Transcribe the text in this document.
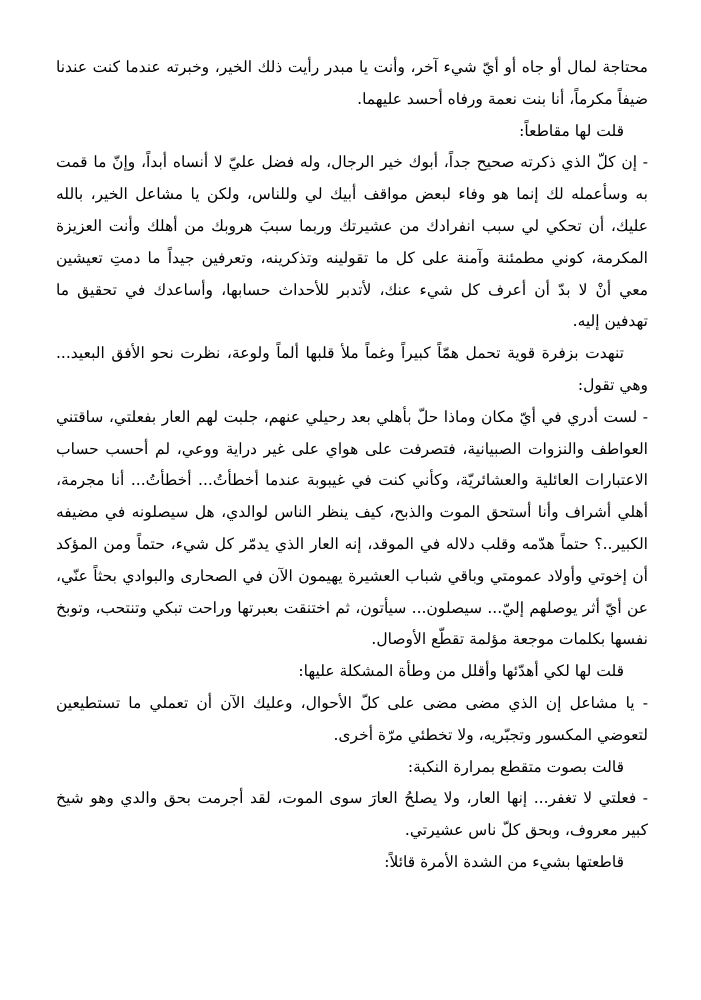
محتاجة لمال أو جاه أو أيّ شيء آخر، وأنت يا مبدر رأيت ذلك الخير، وخبرته عندما كنت عندنا ضيفاً مكرماً، أنا بنت نعمة ورفاه أحسد عليهما.

قلت لها مقاطعاً:

- إن كلّ الذي ذكرته صحيح جداً، أبوك خير الرجال، وله فضل عليّ لا أنساه أبداً، وإنّ ما قمت به وسأعمله لك إنما هو وفاء لبعض مواقف أبيك لي وللناس، ولكن يا مشاعل الخير، بالله عليك، أن تحكي لي سبب انفرادك من عشيرتك وربما سببَ هروبك من أهلك وأنت العزيزة المكرمة، كوني مطمئنة وآمنة على كل ما تقولينه وتذكرينه، وتعرفين جيداً ما دمتِ تعيشين معي أنْ لا بدّ أن أعرف كل شيء عنك، لأتدبر للأحداث حسابها، وأساعدك في تحقيق ما تهدفين إليه.

تنهدت بزفرة قوية تحمل همّاً كبيراً وغماً ملأ قلبها ألماً ولوعة، نظرت نحو الأفق البعيد... وهي تقول:

- لست أدري في أيّ مكان وماذا حلّ بأهلي بعد رحيلي عنهم، جلبت لهم العار بفعلتي، ساقتني العواطف والنزوات الصبيانية، فتصرفت على هواي على غير دراية ووعي، لم أحسب حساب الاعتبارات العائلية والعشائريّة، وكأني كنت في غيبوبة عندما أخطأتُ... أخطأتُ... أنا مجرمة، أهلي أشراف وأنا أستحق الموت والذبح، كيف ينظر الناس لوالدي، هل سيصلونه في مضيفه الكبير..؟ حتماً هدّمه وقلب دلاله في الموقد، إنه العار الذي يدمّر كل شيء، حتماً ومن المؤكد أن إخوتي وأولاد عمومتي وباقي شباب العشيرة يهيمون الآن في الصحارى والبوادي بحثاً عنّي، عن أيّ أثر يوصلهم إليّ... سيصلون... سيأتون، ثم اختنقت بعبرتها وراحت تبكي وتنتحب، وتوبخ نفسها بكلمات موجعة مؤلمة تقطّع الأوصال.

قلت لها لكي أهدّئها وأقلل من وطأة المشكلة عليها:

- يا مشاعل إن الذي مضى مضى على كلّ الأحوال، وعليك الآن أن تعملي ما تستطيعين لتعوضي المكسور وتجبّريه، ولا تخطئي مرّة أخرى.

قالت بصوت متقطع بمرارة النكبة:

- فعلتي لا تغفر... إنها العار، ولا يصلحُ العارَ سوى الموت، لقد أجرمت بحق والدي وهو شيخ كبير معروف، وبحق كلّ ناس عشيرتي.

قاطعتها بشيء من الشدة الأمرة قائلاً:
